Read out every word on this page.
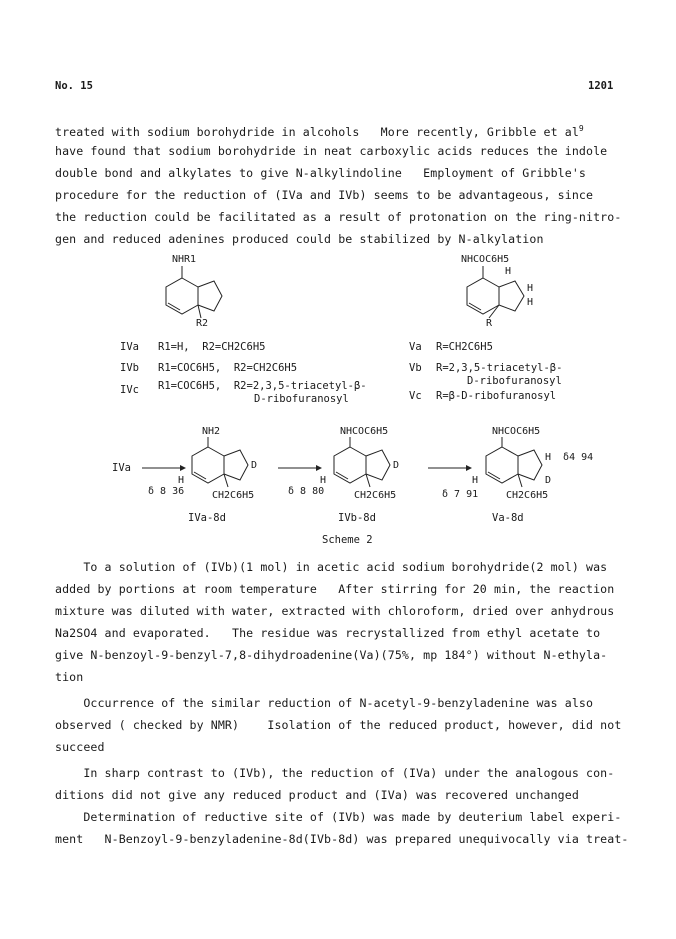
No. 15	1201
treated with sodium borohydride in alcohols   More recently, Gribble et $al^9$
have found that sodium borohydride in neat carboxylic acids reduces the indole
double bond and alkylates to give N-alkylindoline   Employment of Gribble's
procedure for the reduction of (IVa and IVb) seems to be advantageous, since
the reduction could be facilitated as a result of protonation on the ring-nitro-
gen and reduced adenines produced could be stabilized by N-alkylation
NHR1
R2
NHCOC6H5
R
H
H
H
IVa R1=H,  R2=CH2C6H5
IVb R1=COC6H5,  R2=CH2C6H5
IVc R1=COC6H5,  R2=2,3,5-triacetyl-β-
D-ribofuranosyl
Va R=CH2C6H5
Vb R=2,3,5-triacetyl-β-
D-ribofuranosyl
Vc R=β-D-ribofuranosyl
IVa
NH2
D
H
δ 8 36	CH2C6H5
IVa-8d
NHCOC6H5
D
H
δ 8 80	CH2C6H5
IVb-8d
NHCOC6H5
D
H  δ4 94
H
δ 7 91	CH2C6H5
Va-8d
Scheme 2
To a solution of (IVb)(1 mol) in acetic acid sodium borohydride(2 mol) was
added by portions at room temperature   After stirring for 20 min, the reaction
mixture was diluted with water, extracted with chloroform, dried over anhydrous
Na2SO4 and evaporated.   The residue was recrystallized from ethyl acetate to
give N-benzoyl-9-benzyl-7,8-dihydroadenine(Va)(75%, mp 184°) without N-ethyla-
tion
Occurrence of the similar reduction of N-acetyl-9-benzyladenine was also
observed ( checked by NMR)    Isolation of the reduced product, however, did not
succeed
In sharp contrast to (IVb), the reduction of (IVa) under the analogous con-
ditions did not give any reduced product and (IVa) was recovered unchanged
Determination of reductive site of (IVb) was made by deuterium label experi-
ment   N-Benzoyl-9-benzyladenine-8d(IVb-8d) was prepared unequivocally via treat-
